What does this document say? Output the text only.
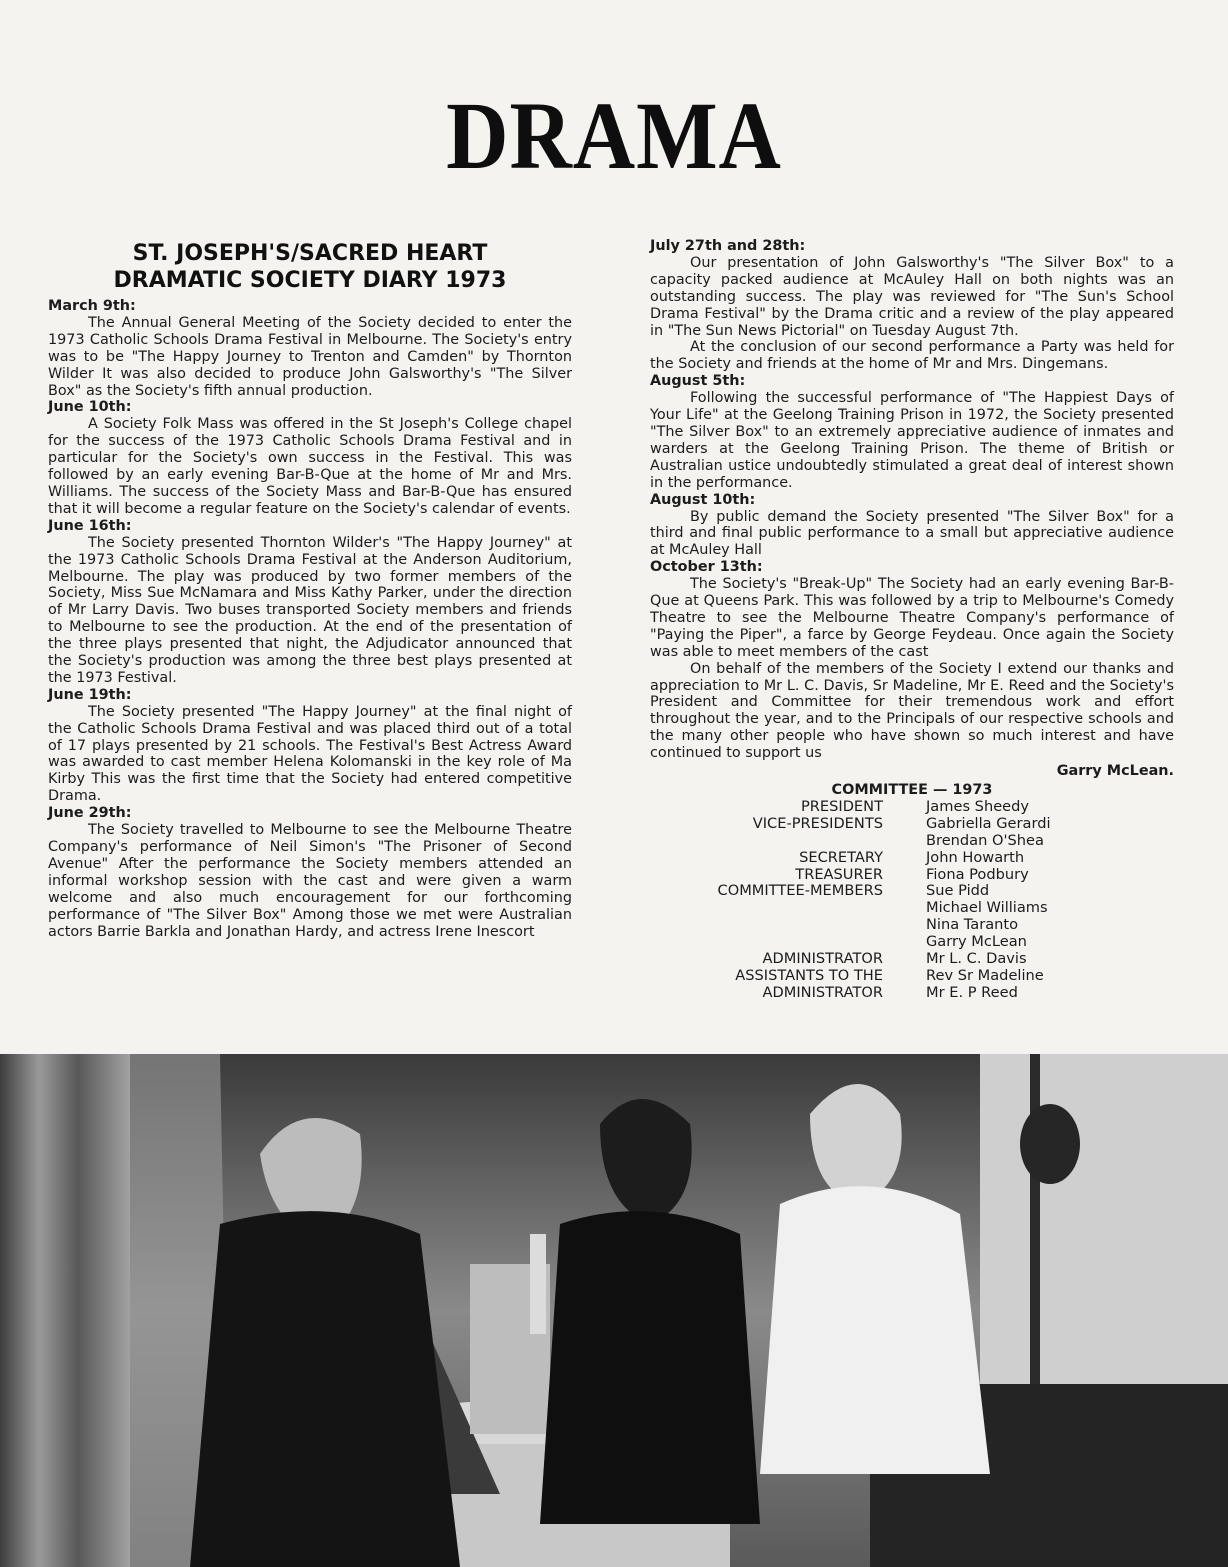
DRAMA
ST. JOSEPH'S/SACRED HEART
DRAMATIC SOCIETY DIARY 1973
March 9th:

The Annual General Meeting of the Society decided to enter the 1973 Catholic Schools Drama Festival in Melbourne. The Society's entry was to be "The Happy Journey to Trenton and Camden" by Thornton Wilder It was also decided to produce John Galsworthy's "The Silver Box" as the Society's fifth annual production.

June 10th:

A Society Folk Mass was offered in the St Joseph's College chapel for the success of the 1973 Catholic Schools Drama Festival and in particular for the Society's own success in the Festival. This was followed by an early evening Bar-B-Que at the home of Mr and Mrs. Williams. The success of the Society Mass and Bar-B-Que has ensured that it will become a regular feature on the Society's calendar of events.

June 16th:

The Society presented Thornton Wilder's "The Happy Journey" at the 1973 Catholic Schools Drama Festival at the Anderson Auditorium, Melbourne. The play was produced by two former members of the Society, Miss Sue McNamara and Miss Kathy Parker, under the direction of Mr Larry Davis. Two buses transported Society members and friends to Melbourne to see the production. At the end of the presentation of the three plays presented that night, the Adjudicator announced that the Society's production was among the three best plays presented at the 1973 Festival.

June 19th:

The Society presented "The Happy Journey" at the final night of the Catholic Schools Drama Festival and was placed third out of a total of 17 plays presented by 21 schools. The Festival's Best Actress Award was awarded to cast member Helena Kolomanski in the key role of Ma Kirby This was the first time that the Society had entered competitive Drama.

June 29th:

The Society travelled to Melbourne to see the Melbourne Theatre Company's performance of Neil Simon's "The Prisoner of Second Avenue" After the performance the Society members attended an informal workshop session with the cast and were given a warm welcome and also much encouragement for our forthcoming performance of "The Silver Box" Among those we met were Australian actors Barrie Barkla and Jonathan Hardy, and actress Irene Inescort

July 27th and 28th:

Our presentation of John Galsworthy's "The Silver Box" to a capacity packed audience at McAuley Hall on both nights was an outstanding success. The play was reviewed for "The Sun's School Drama Festival" by the Drama critic and a review of the play appeared in "The Sun News Pictorial" on Tuesday August 7th.

At the conclusion of our second performance a Party was held for the Society and friends at the home of Mr and Mrs. Dingemans.

August 5th:

Following the successful performance of "The Happiest Days of Your Life" at the Geelong Training Prison in 1972, the Society presented "The Silver Box" to an extremely appreciative audience of inmates and warders at the Geelong Training Prison. The theme of British or Australian ustice undoubtedly stimulated a great deal of interest shown in the performance.

August 10th:

By public demand the Society presented "The Silver Box" for a third and final public performance to a small but appreciative audience at McAuley Hall

October 13th:

The Society's "Break-Up" The Society had an early evening Bar-B-Que at Queens Park. This was followed by a trip to Melbourne's Comedy Theatre to see the Melbourne Theatre Company's performance of "Paying the Piper", a farce by George Feydeau. Once again the Society was able to meet members of the cast

On behalf of the members of the Society I extend our thanks and appreciation to Mr L. C. Davis, Sr Madeline, Mr E. Reed and the Society's President and Committee for their tremendous work and effort throughout the year, and to the Principals of our respective schools and the many other people who have shown so much interest and have continued to support us

Garry McLean.
COMMITTEE — 1973
PRESIDENT	James Sheedy
VICE-PRESIDENTS	Gabriella Gerardi
Brendan O'Shea
SECRETARY	John Howarth
TREASURER	Fiona Podbury
COMMITTEE-MEMBERS	Sue Pidd
Michael Williams
Nina Taranto
Garry McLean
ADMINISTRATOR	Mr L. C. Davis
ASSISTANTS TO THE	Rev Sr Madeline
ADMINISTRATOR	Mr E. P Reed
